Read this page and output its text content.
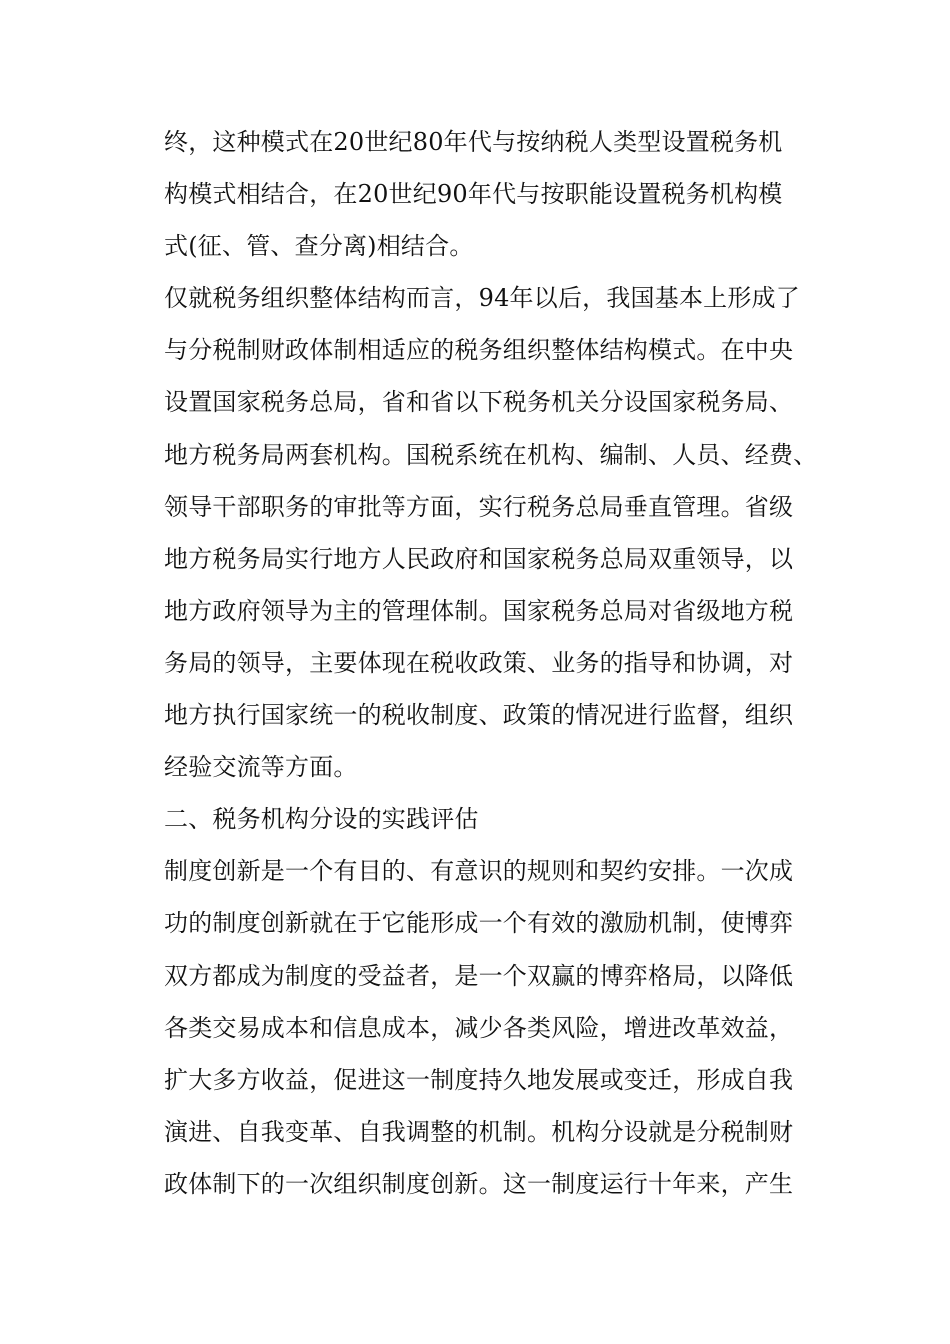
终，这种模式在20世纪80年代与按纳税人类型设置税务机
构模式相结合，在20世纪90年代与按职能设置税务机构模
式(征、管、查分离)相结合。
仅就税务组织整体结构而言，94年以后，我国基本上形成了
与分税制财政体制相适应的税务组织整体结构模式。在中央
设置国家税务总局，省和省以下税务机关分设国家税务局、
地方税务局两套机构。国税系统在机构、编制、人员、经费、
领导干部职务的审批等方面，实行税务总局垂直管理。省级
地方税务局实行地方人民政府和国家税务总局双重领导，以
地方政府领导为主的管理体制。国家税务总局对省级地方税
务局的领导，主要体现在税收政策、业务的指导和协调，对
地方执行国家统一的税收制度、政策的情况进行监督，组织
经验交流等方面。
二、税务机构分设的实践评估
制度创新是一个有目的、有意识的规则和契约安排。一次成
功的制度创新就在于它能形成一个有效的激励机制，使博弈
双方都成为制度的受益者，是一个双赢的博弈格局，以降低
各类交易成本和信息成本，减少各类风险，增进改革效益，
扩大多方收益，促进这一制度持久地发展或变迁，形成自我
演进、自我变革、自我调整的机制。机构分设就是分税制财
政体制下的一次组织制度创新。这一制度运行十年来，产生
